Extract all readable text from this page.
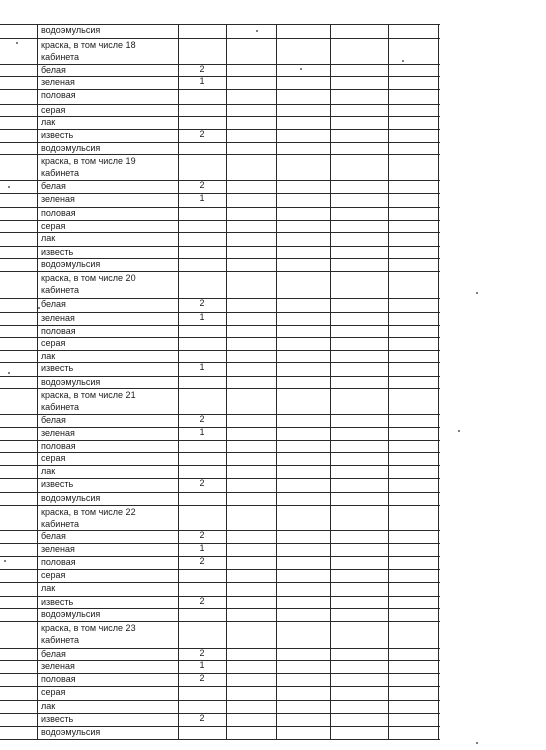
водоэмульсия
краска, в том числе 18 кабинета
белая	2
зеленая	1
половая
серая
лак
известь	2
водоэмульсия
краска, в том числе 19 кабинета
белая	2
зеленая	1
половая
серая
лак
известь
водоэмульсия
краска, в том числе 20 кабинета
белая	2
зеленая	1
половая
серая
лак
известь	1
водоэмульсия
краска, в том числе 21 кабинета
белая	2
зеленая	1
половая
серая
лак
известь	2
водоэмульсия
краска, в том числе 22 кабинета
белая	2
зеленая	1
половая	2
серая
лак
известь	2
водоэмульсия
краска, в том числе 23 кабинета
белая	2
зеленая	1
половая	2
серая
лак
известь	2
водоэмульсия
